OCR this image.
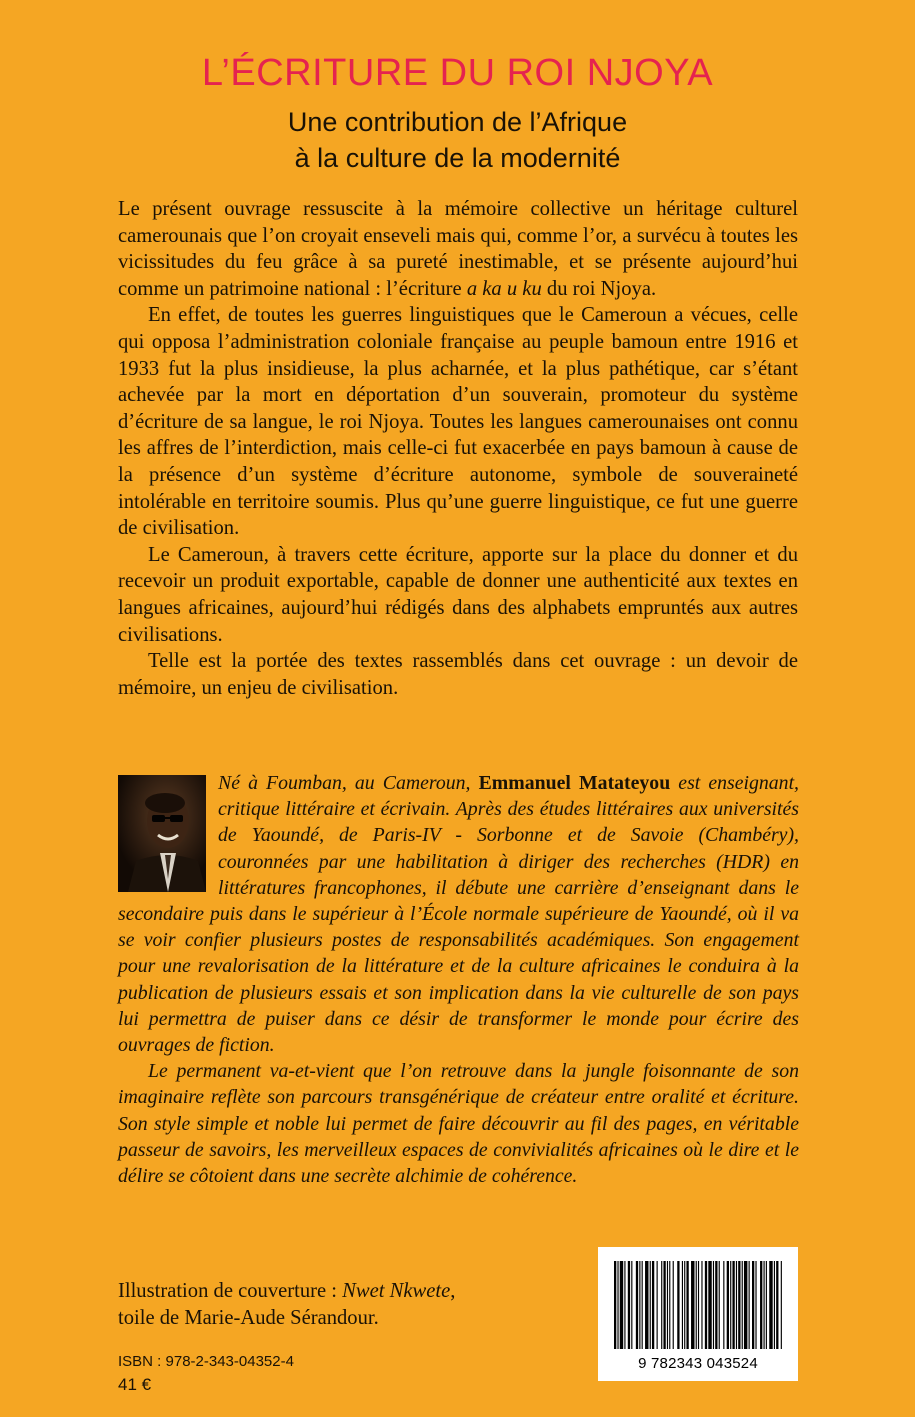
L’ÉCRITURE DU ROI NJOYA
Une contribution de l’Afrique
à la culture de la modernité

Le présent ouvrage ressuscite à la mémoire collective un héritage culturel camerounais que l’on croyait enseveli mais qui, comme l’or, a survécu à toutes les vicissitudes du feu grâce à sa pureté inestimable, et se présente aujourd’hui comme un patrimoine national : l’écriture a ka u ku du roi Njoya.

En effet, de toutes les guerres linguistiques que le Cameroun a vécues, celle qui opposa l’administration coloniale française au peuple bamoun entre 1916 et 1933 fut la plus insidieuse, la plus acharnée, et la plus pathétique, car s’étant achevée par la mort en déportation d’un souverain, promoteur du système d’écriture de sa langue, le roi Njoya. Toutes les langues camerounaises ont connu les affres de l’interdiction, mais celle-ci fut exacerbée en pays bamoun à cause de la présence d’un système d’écriture autonome, symbole de souveraineté intolérable en territoire soumis. Plus qu’une guerre linguistique, ce fut une guerre de civilisation.

Le Cameroun, à travers cette écriture, apporte sur la place du donner et du recevoir un produit exportable, capable de donner une authenticité aux textes en langues africaines, aujourd’hui rédigés dans des alphabets empruntés aux autres civilisations.

Telle est la portée des textes rassemblés dans cet ouvrage : un devoir de mémoire, un enjeu de civilisation.

Né à Foumban, au Cameroun, Emmanuel Matateyou est enseignant, critique littéraire et écrivain. Après des études littéraires aux universités de Yaoundé, de Paris-IV - Sorbonne et de Savoie (Chambéry), couronnées par une habilitation à diriger des recherches (HDR) en littératures francophones, il débute une carrière d’enseignant dans le secondaire puis dans le supérieur à l’École normale supérieure de Yaoundé, où il va se voir confier plusieurs postes de responsabilités académiques. Son engagement pour une revalorisation de la littérature et de la culture africaines le conduira à la publication de plusieurs essais et son implication dans la vie culturelle de son pays lui permettra de puiser dans ce désir de transformer le monde pour écrire des ouvrages de fiction.

Le permanent va-et-vient que l’on retrouve dans la jungle foisonnante de son imaginaire reflète son parcours transgénérique de créateur entre oralité et écriture. Son style simple et noble lui permet de faire découvrir au fil des pages, en véritable passeur de savoirs, les merveilleux espaces de convivialités africaines où le dire et le délire se côtoient dans une secrète alchimie de cohérence.

Illustration de couverture : Nwet Nkwete,
toile de Marie-Aude Sérandour.
ISBN : 978-2-343-04352-4
41 €
9 782343 043524
